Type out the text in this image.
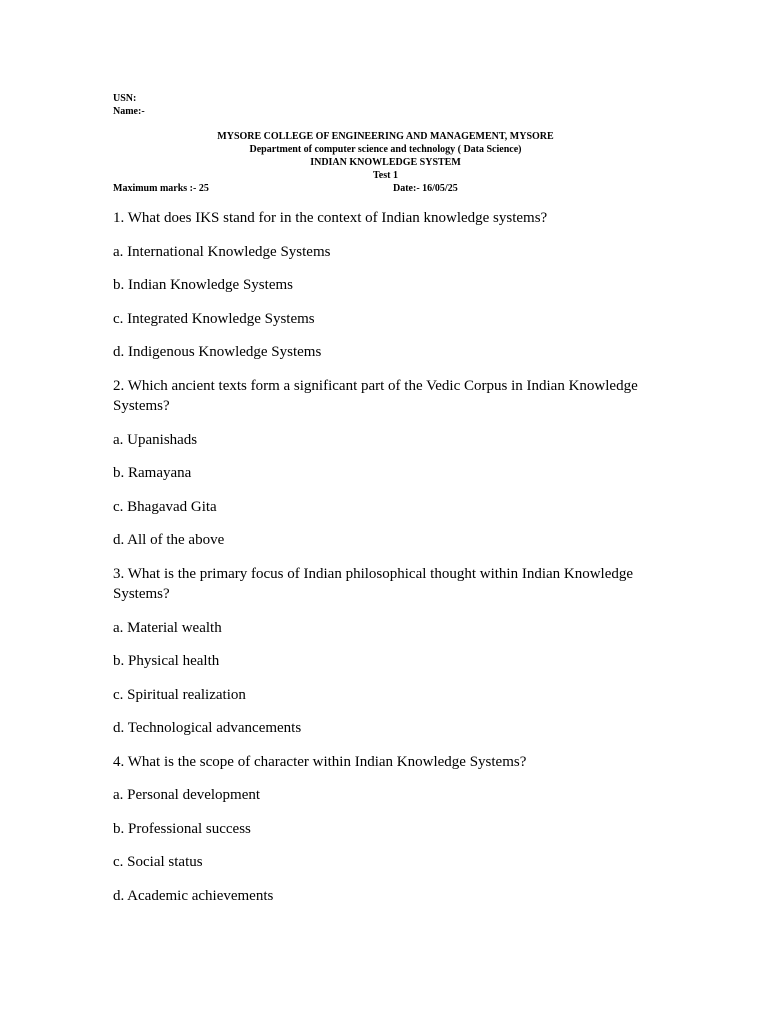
USN:
Name:-
MYSORE COLLEGE OF ENGINEERING AND MANAGEMENT, MYSORE
Department of computer science and technology ( Data Science)
INDIAN KNOWLEDGE SYSTEM
Test 1
Maximum marks :- 25	Date:- 16/05/25
1. What does IKS stand for in the context of Indian knowledge systems?
a. International Knowledge Systems
b. Indian Knowledge Systems
c. Integrated Knowledge Systems
d. Indigenous Knowledge Systems
2. Which ancient texts form a significant part of the Vedic Corpus in Indian Knowledge Systems?
a. Upanishads
b. Ramayana
c. Bhagavad Gita
d. All of the above
3. What is the primary focus of Indian philosophical thought within Indian Knowledge Systems?
a. Material wealth
b. Physical health
c. Spiritual realization
d. Technological advancements
4. What is the scope of character within Indian Knowledge Systems?
a. Personal development
b. Professional success
c. Social status
d. Academic achievements
